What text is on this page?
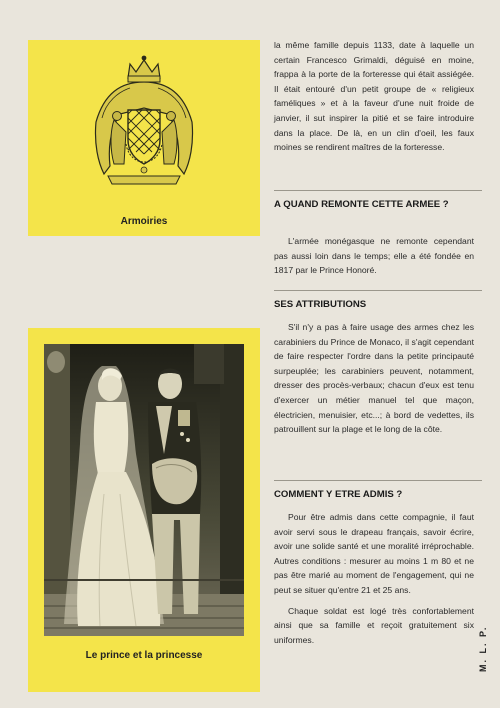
Armoiries
Le prince et la princesse

la même famille depuis 1133, date à laquelle un certain Francesco Grimaldi, déguisé en moine, frappa à la porte de la forteresse qui était assiégée. Il était entouré d'un petit groupe de « religieux faméliques » et à la faveur d'une nuit froide de janvier, il sut inspirer la pitié et se faire introduire dans la place. De là, en un clin d'oeil, les faux moines se rendirent maîtres de la forteresse.

A QUAND REMONTE CETTE ARMEE ?

L'armée monégasque ne remonte cependant pas aussi loin dans le temps; elle a été fondée en 1817 par le Prince Honoré.

SES ATTRIBUTIONS

S'il n'y a pas à faire usage des armes chez les carabiniers du Prince de Monaco, il s'agit cependant de faire respecter l'ordre dans la petite principauté surpeuplée; les carabiniers peuvent, notamment, dresser des procès-verbaux; chacun d'eux est tenu d'exercer un métier manuel tel que maçon, électricien, menuisier, etc...; à bord de vedettes, ils patrouillent sur la plage et le long de la côte.

COMMENT Y ETRE ADMIS ?

Pour être admis dans cette compagnie, il faut avoir servi sous le drapeau français, savoir écrire, avoir une solide santé et une moralité irréprochable. Autres conditions : mesurer au moins 1 m 80 et ne pas être marié au moment de l'engagement, qui ne peut se situer qu'entre 21 et 25 ans.

Chaque soldat est logé très confortablement ainsi que sa famille et reçoit gratuitement six uniformes.	M. L. P.
